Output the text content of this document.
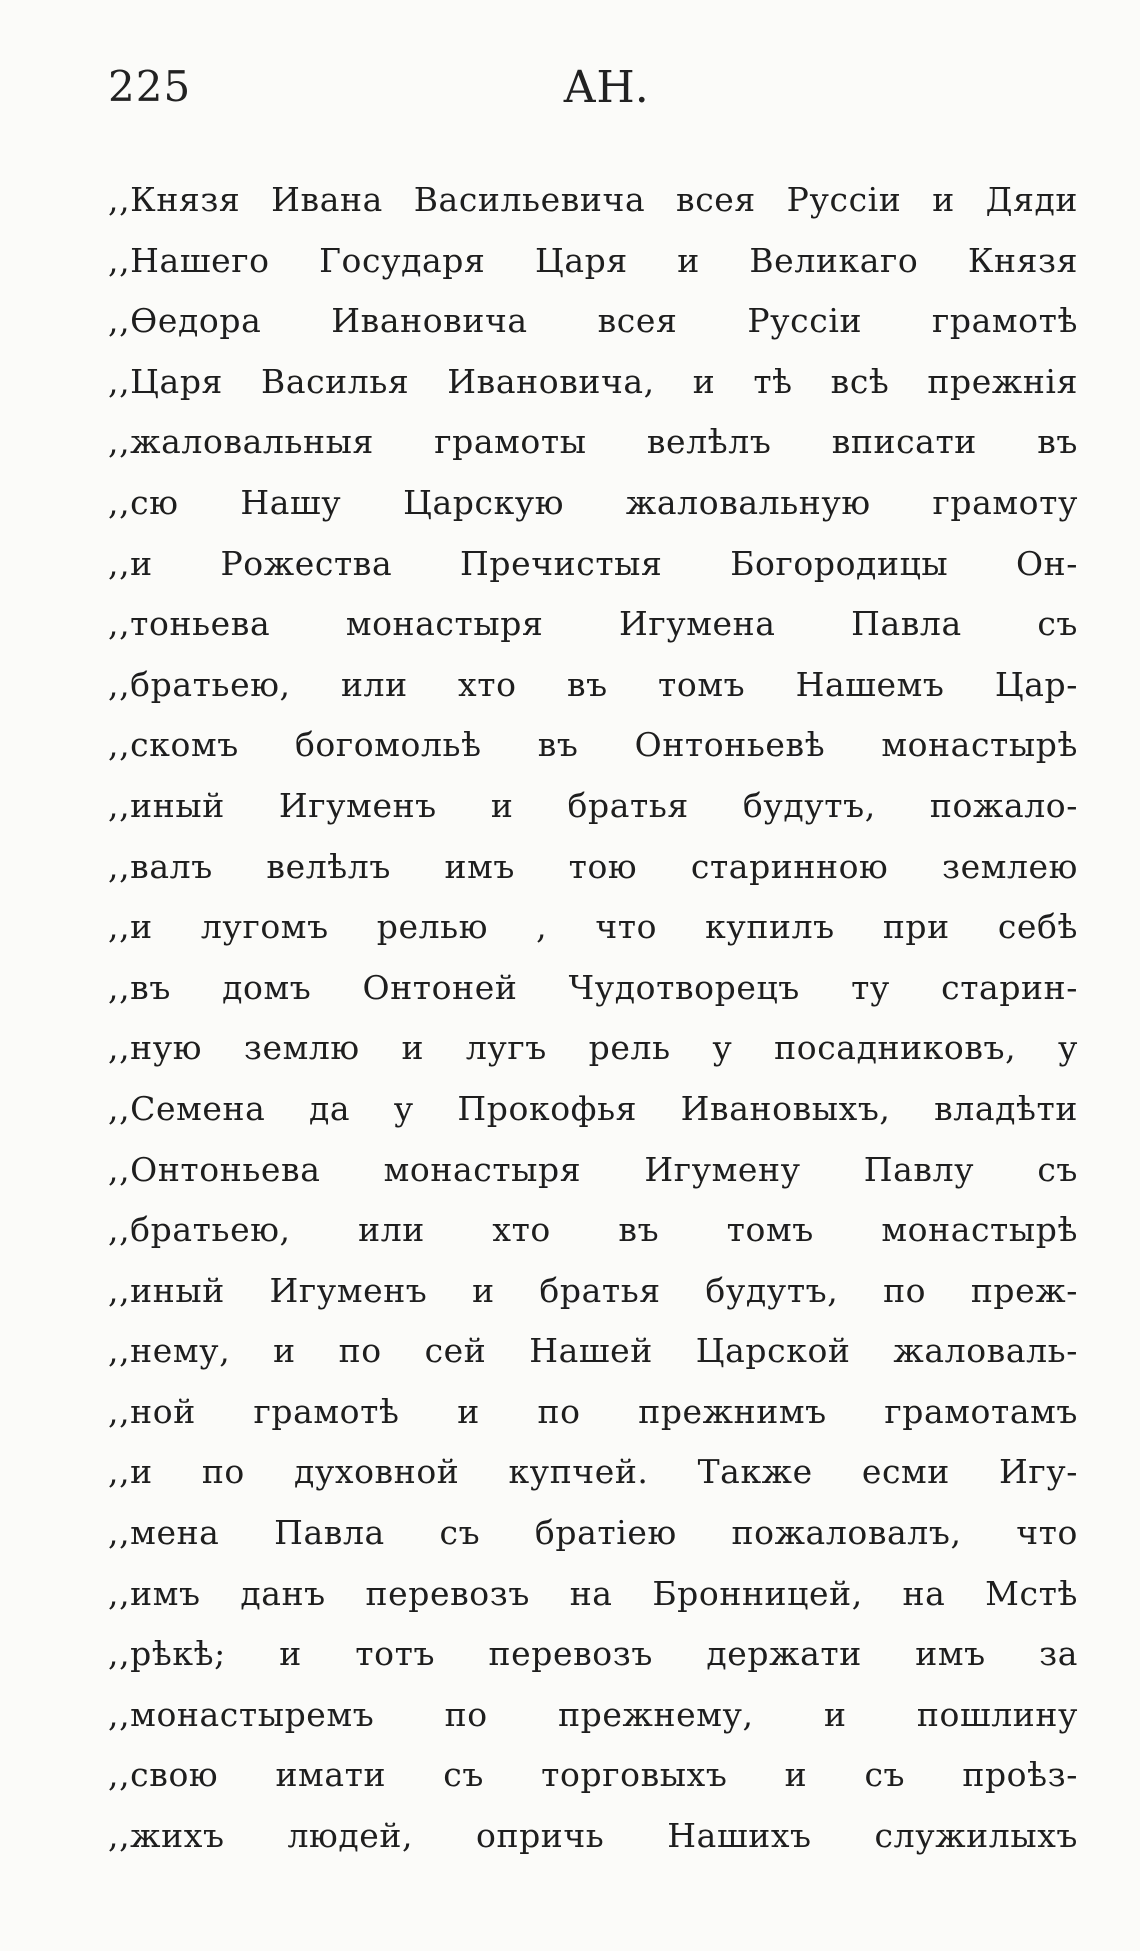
225	АН.
,,Князя Ивана Васильевича всея Руссіи и Дяди
,,Нашего Государя Царя и Великаго Князя
,,Өедора Ивановича всея Руссіи грамотѣ
,,Царя Василья Ивановича, и тѣ всѣ прежнія
,,жаловальныя грамоты велѣлъ вписати въ
,,сю Нашу Царскую жаловальную грамоту
,,и Рожества Пречистыя Богородицы Он-
,,тоньева монастыря Игумена Павла съ
,,братьею, или хто въ томъ Нашемъ Цар-
,,скомъ богомольѣ въ Онтоньевѣ монастырѣ
,,иный Игуменъ и братья будутъ, пожало-
,,валъ велѣлъ имъ тою старинною землею
,,и лугомъ релью , что купилъ при себѣ
,,въ домъ Онтоней Чудотворецъ ту старин-
,,ную землю и лугъ рель у посадниковъ, у
,,Семена да у Прокофья Ивановыхъ, владѣти
,,Онтоньева монастыря Игумену Павлу съ
,,братьею, или хто въ томъ монастырѣ
,,иный Игуменъ и братья будутъ, по преж-
,,нему, и по сей Нашей Царской жаловаль-
,,ной грамотѣ и по прежнимъ грамотамъ
,,и по духовной купчей. Также есми Игу-
,,мена Павла съ братіею пожаловалъ, что
,,имъ данъ перевозъ на Бронницей, на Мстѣ
,,рѣкѣ; и тотъ перевозъ держати имъ за
,,монастыремъ по прежнему, и пошлину
,,свою имати съ торговыхъ и съ проѣз-
,,жихъ людей, опричь Нашихъ служилыхъ
